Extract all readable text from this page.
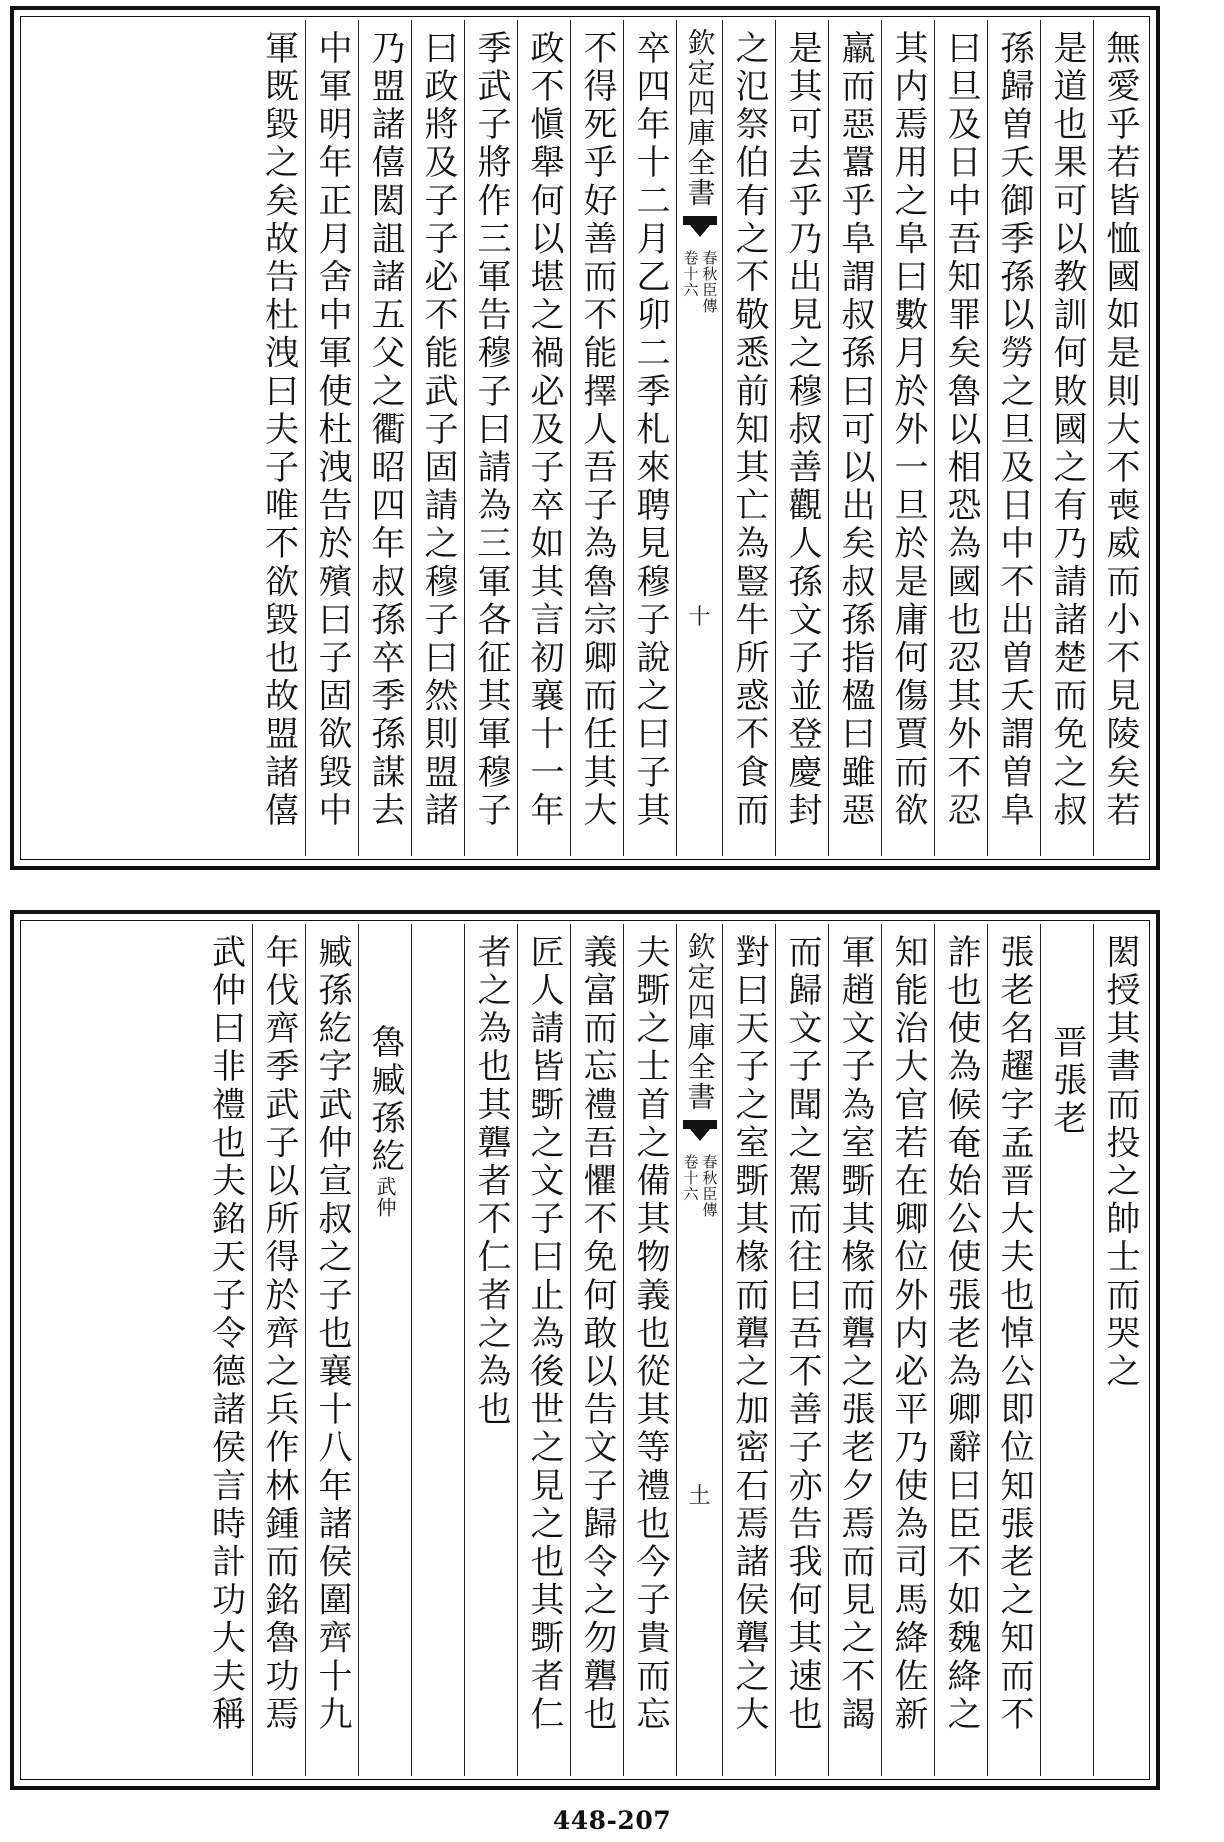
無愛乎若皆恤國如是則大不喪威而小不見陵矣若
是道也果可以教訓何敗國之有乃請諸楚而免之叔
孫歸曽夭御季孫以勞之旦及日中不出曽夭謂曽阜
曰旦及日中吾知罪矣魯以相恐為國也忍其外不忍
其内焉用之阜曰數月於外一旦於是庸何傷賈而欲
羸而惡囂乎阜謂叔孫曰可以出矣叔孫指楹曰雖惡
是其可去乎乃出見之穆叔善觀人孫文子並登慶封
之氾祭伯有之不敬悉前知其亡為豎牛所惑不食而
欽定四庫全書
春秋臣傳
卷十六
十
卒四年十二月乙卯二季札來聘見穆子說之曰子其
不得死乎好善而不能擇人吾子為魯宗卿而任其大
政不愼舉何以堪之禍必及子卒如其言初襄十一年
季武子將作三軍告穆子曰請為三軍各征其軍穆子
曰政將及子子必不能武子固請之穆子曰然則盟諸
乃盟諸僖閎詛諸五父之衢昭四年叔孫卒季孫謀去
中軍明年正月舍中軍使杜洩告於殯曰子固欲毀中
軍既毀之矣故告杜洩曰夫子唯不欲毀也故盟諸僖
閎授其書而投之帥士而哭之
晋張老
張老名趯字孟晋大夫也悼公即位知張老之知而不
詐也使為候奄始公使張老為卿辭曰臣不如魏絳之
知能治大官若在卿位外内必平乃使為司馬絳佐新
軍趙文子為室斲其椽而礱之張老夕焉而見之不謁
而歸文子聞之駕而往曰吾不善子亦告我何其速也
對曰天子之室斲其椽而礱之加密石焉諸侯礱之大
欽定四庫全書
春秋臣傳
卷十六
土
夫斲之士首之備其物義也從其等禮也今子貴而忘
義富而忘禮吾懼不免何敢以告文子歸令之勿礱也
匠人請皆斲之文子曰止為後世之見之也其斲者仁
者之為也其礱者不仁者之為也
魯臧孫紇
武仲
臧孫紇字武仲宣叔之子也襄十八年諸侯圍齊十九
年伐齊季武子以所得於齊之兵作林鍾而銘魯功焉
武仲曰非禮也夫銘天子令德諸侯言時計功大夫稱
448-207
